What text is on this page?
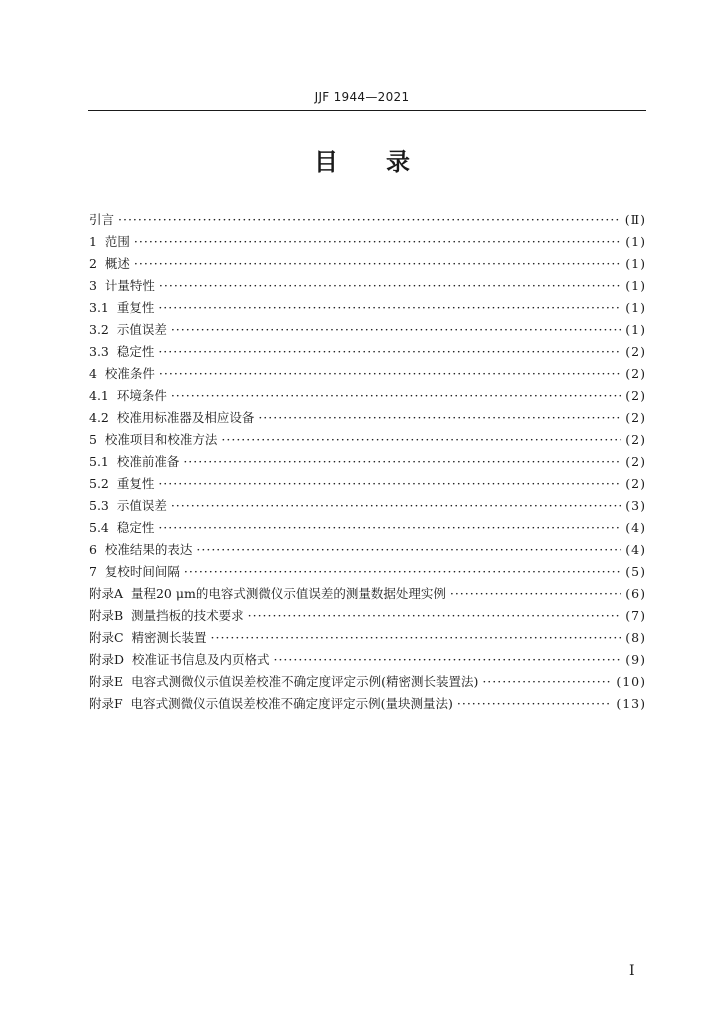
JJF 1944—2021
目 录
引言 ·····	(Ⅱ)
1  范围 ·····	(1)
2  概述 ·····	(1)
3  计量特性 ·····	(1)
3.1  重复性 ·····	(1)
3.2  示值误差 ·····	(1)
3.3  稳定性 ·····	(2)
4  校准条件 ·····	(2)
4.1  环境条件 ·····	(2)
4.2  校准用标准器及相应设备 ·····	(2)
5  校准项目和校准方法 ·····	(2)
5.1  校准前准备 ·····	(2)
5.2  重复性 ·····	(2)
5.3  示值误差 ·····	(3)
5.4  稳定性 ·····	(4)
6  校准结果的表达 ·····	(4)
7  复校时间间隔 ·····	(5)
附录A  量程20 μm的电容式测微仪示值误差的测量数据处理实例 ·····	(6)
附录B  测量挡板的技术要求 ·····	(7)
附录C  精密测长装置 ·····	(8)
附录D  校准证书信息及内页格式 ·····	(9)
附录E  电容式测微仪示值误差校准不确定度评定示例(精密测长装置法) ·····	(10)
附录F  电容式测微仪示值误差校准不确定度评定示例(量块测量法) ·····	(13)
Ⅰ
